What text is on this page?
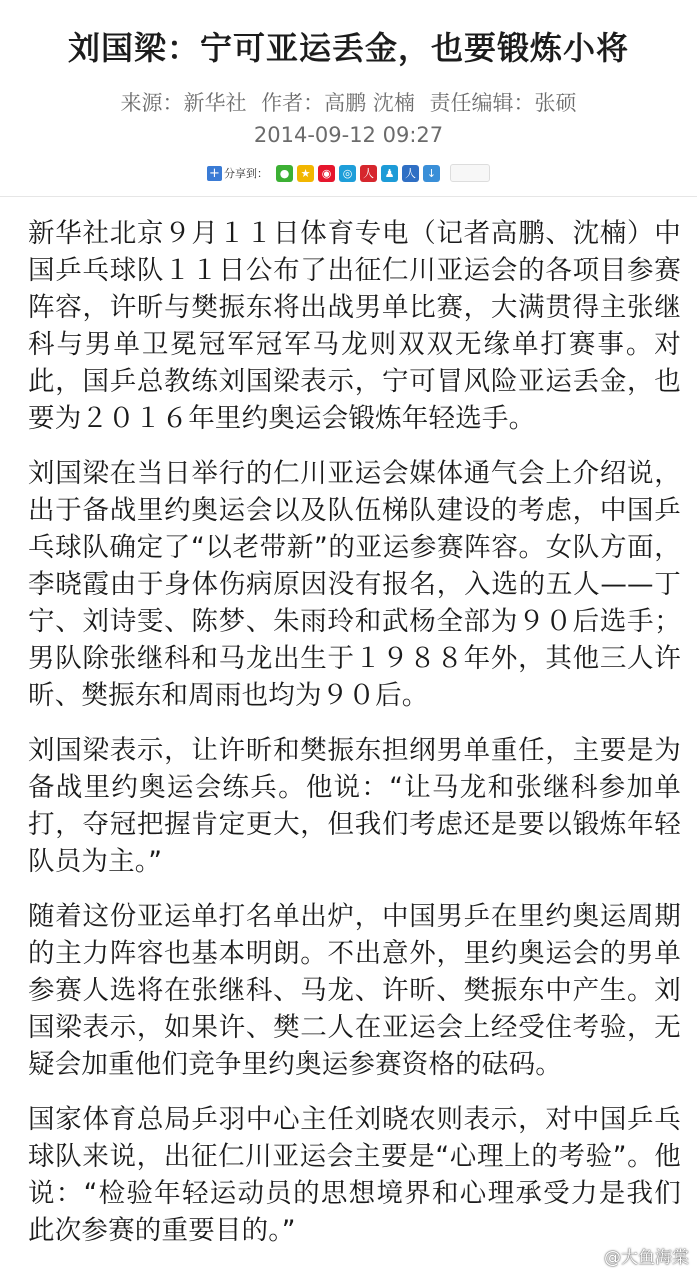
刘国梁：宁可亚运丢金，也要锻炼小将
来源：新华社 作者：高鹏 沈楠 责任编辑：张硕
2014-09-12 09:27
+ 分享到：	●	★	◉	◎ 人 ♟ 人 ↓

新华社北京９月１１日体育专电（记者高鹏、沈楠）中国乒乓球队１１日公布了出征仁川亚运会的各项目参赛阵容，许昕与樊振东将出战男单比赛，大满贯得主张继科与男单卫冕冠军冠军马龙则双双无缘单打赛事。对此，国乒总教练刘国梁表示，宁可冒风险亚运丢金，也要为２０１６年里约奥运会锻炼年轻选手。

刘国梁在当日举行的仁川亚运会媒体通气会上介绍说，出于备战里约奥运会以及队伍梯队建设的考虑，中国乒乓球队确定了“以老带新”的亚运参赛阵容。女队方面，李晓霞由于身体伤病原因没有报名，入选的五人——丁宁、刘诗雯、陈梦、朱雨玲和武杨全部为９０后选手；男队除张继科和马龙出生于１９８８年外，其他三人许昕、樊振东和周雨也均为９０后。

刘国梁表示，让许昕和樊振东担纲男单重任，主要是为备战里约奥运会练兵。他说：“让马龙和张继科参加单打，夺冠把握肯定更大，但我们考虑还是要以锻炼年轻队员为主。”

随着这份亚运单打名单出炉，中国男乒在里约奥运周期的主力阵容也基本明朗。不出意外，里约奥运会的男单参赛人选将在张继科、马龙、许昕、樊振东中产生。刘国梁表示，如果许、樊二人在亚运会上经受住考验，无疑会加重他们竞争里约奥运参赛资格的砝码。

国家体育总局乒羽中心主任刘晓农则表示，对中国乒乓球队来说，出征仁川亚运会主要是“心理上的考验”。他说：“检验年轻运动员的思想境界和心理承受力是我们此次参赛的重要目的。”

@大鱼海棠
